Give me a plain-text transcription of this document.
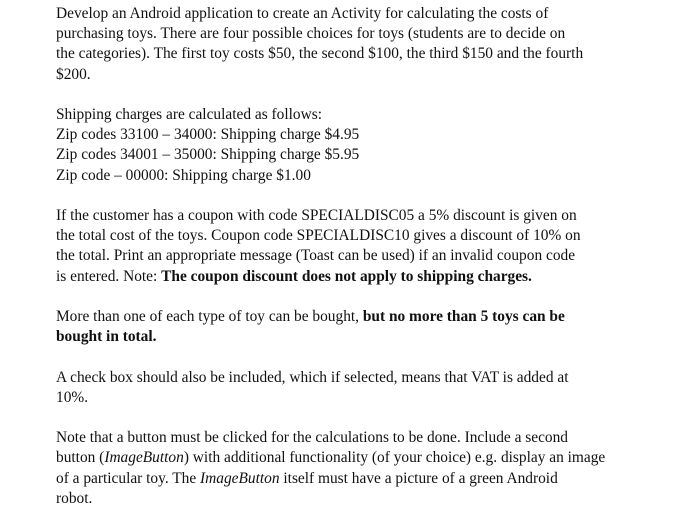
Develop an Android application to create an Activity for calculating the costs of
purchasing toys. There are four possible choices for toys (students are to decide on
the categories). The first toy costs $50, the second $100, the third $150 and the fourth
$200.

Shipping charges are calculated as follows:
Zip codes 33100 – 34000: Shipping charge $4.95
Zip codes 34001 – 35000: Shipping charge $5.95
Zip code – 00000: Shipping charge $1.00

If the customer has a coupon with code SPECIALDISC05 a 5% discount is given on
the total cost of the toys. Coupon code SPECIALDISC10 gives a discount of 10% on
the total. Print an appropriate message (Toast can be used) if an invalid coupon code
is entered. Note: The coupon discount does not apply to shipping charges.

More than one of each type of toy can be bought, but no more than 5 toys can be
bought in total.

A check box should also be included, which if selected, means that VAT is added at
10%.

Note that a button must be clicked for the calculations to be done. Include a second
button (ImageButton) with additional functionality (of your choice) e.g. display an image
of a particular toy. The ImageButton itself must have a picture of a green Android
robot.
